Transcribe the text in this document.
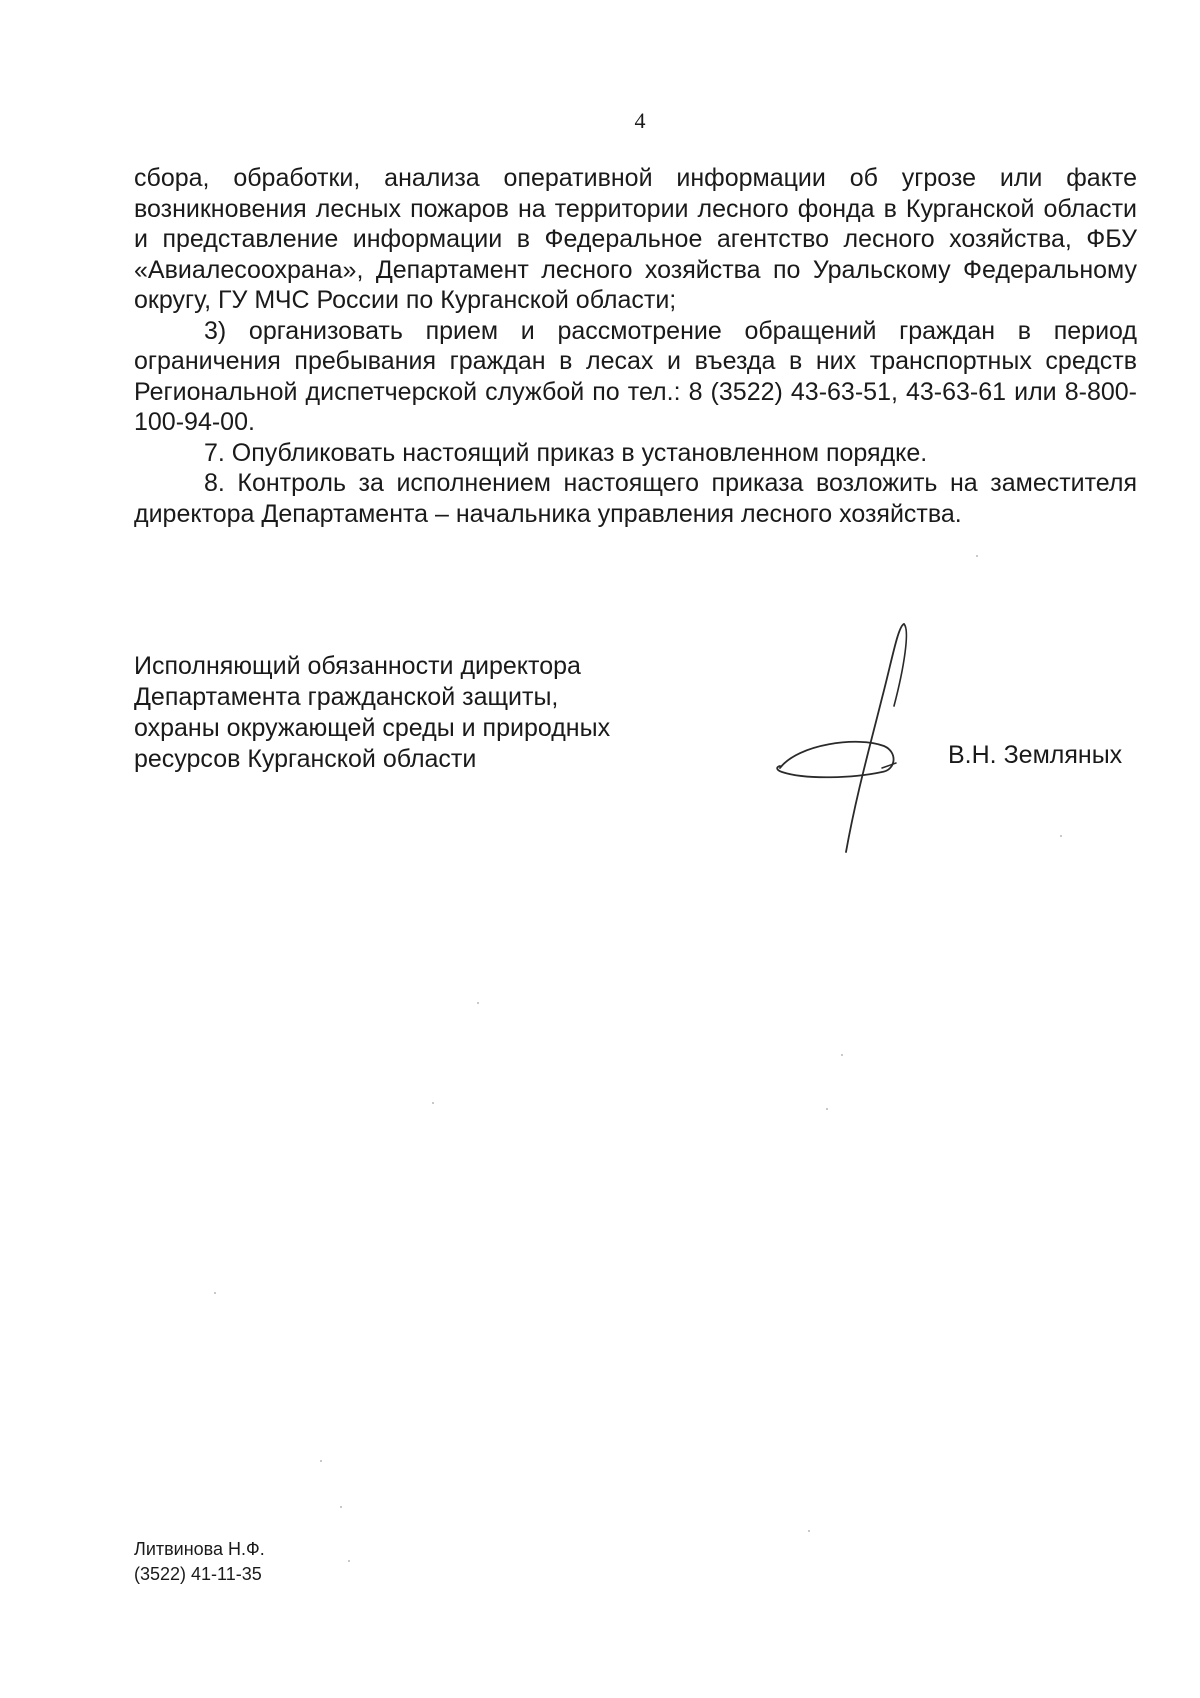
4

сбора, обработки, анализа оперативной информации об угрозе или факте возникновения лесных пожаров на территории лесного фонда в Курганской области и представление информации в Федеральное агентство лесного хозяйства, ФБУ «Авиалесоохрана», Департамент лесного хозяйства по Уральскому Федеральному округу, ГУ МЧС России по Курганской области;

3) организовать прием и рассмотрение обращений граждан в период ограничения пребывания граждан в лесах и въезда в них транспортных средств Региональной диспетчерской службой по тел.: 8 (3522) 43-63-51, 43-63-61 или 8-800-100-94-00.

7. Опубликовать настоящий приказ в установленном порядке.

8. Контроль за исполнением настоящего приказа возложить на заместителя директора Департамента – начальника управления лесного хозяйства.

Исполняющий обязанности директора
Департамента гражданской защиты,
охраны окружающей среды и природных
ресурсов Курганской области	В.Н. Земляных
Литвинова Н.Ф.
(3522) 41-11-35
